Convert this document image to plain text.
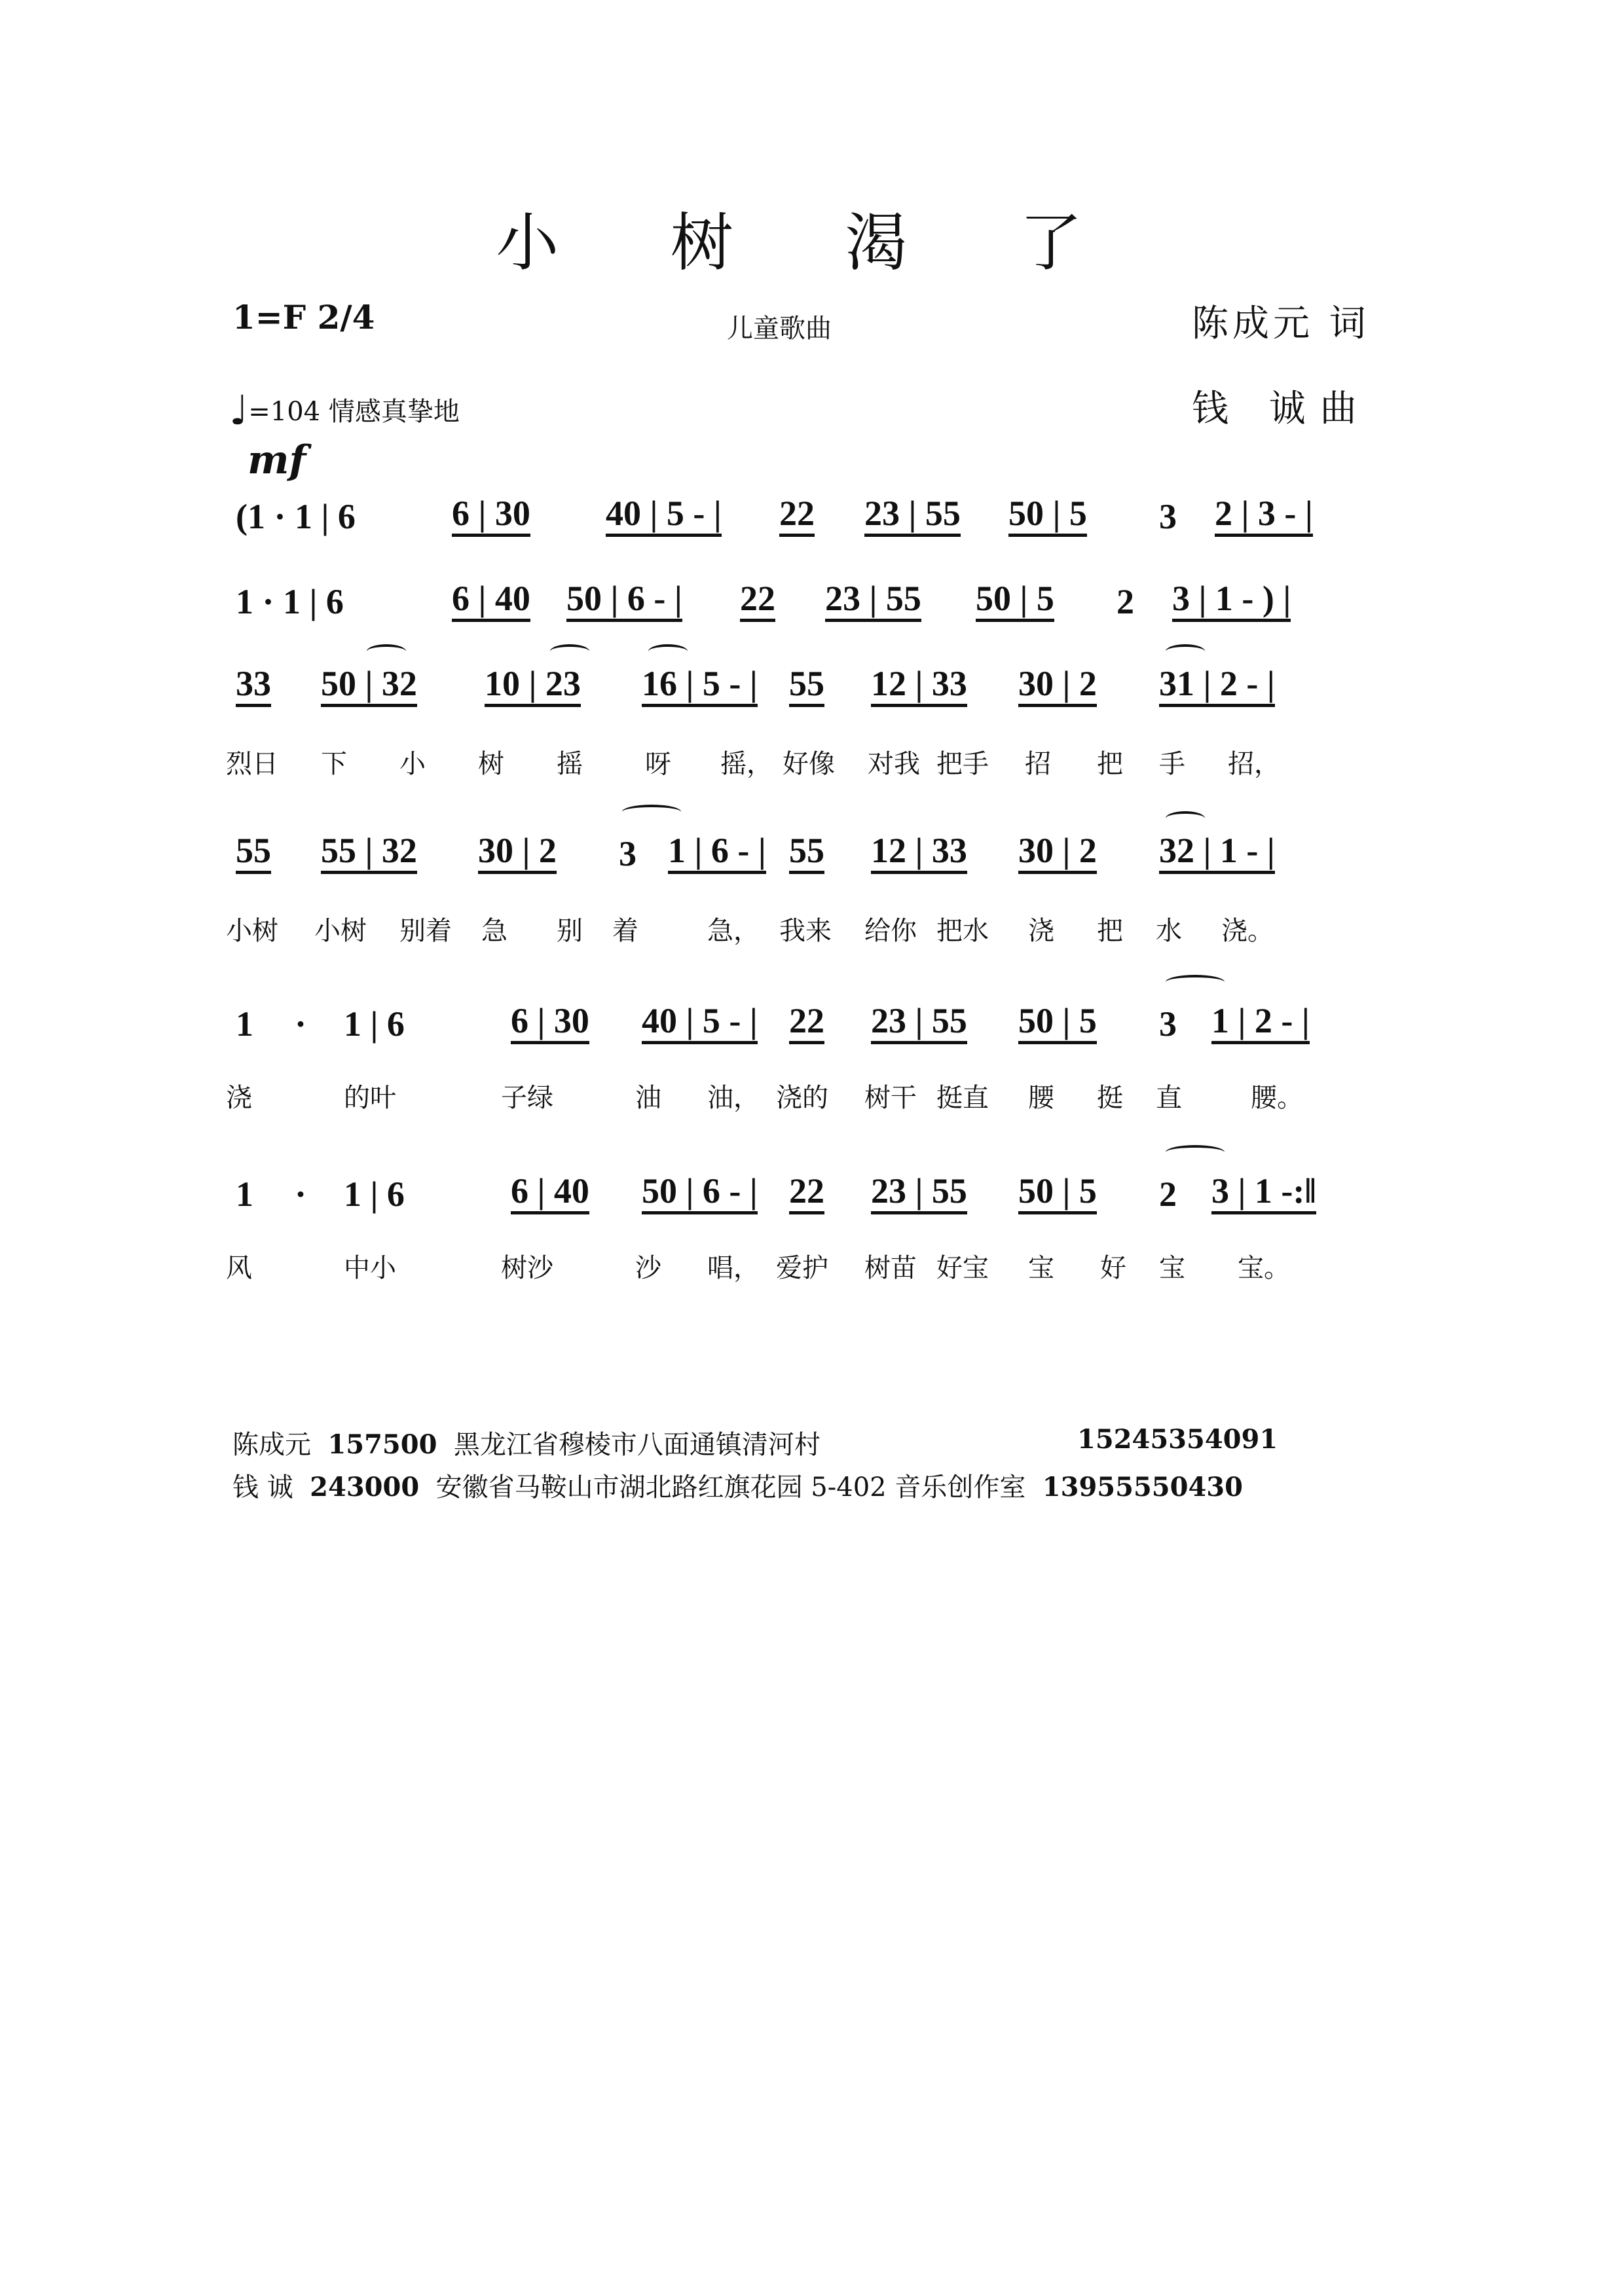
小 树 渴 了
1=F 2/4	儿童歌曲	陈成元 词
♩=104 情感真挚地	钱 诚曲
mf
(1 · 1 | 6	6 | 30 40 | 5 - | 22 23 | 55 50 | 5 3 2 | 3 - |
1 · 1 | 6	6 | 40 50 | 6 - | 22 23 | 55 50 | 5 2 3 | 1 - ) |
33 50 | 32 10 | 23 16 | 5 - | 55 12 | 33 30 | 2 31 | 2 - |
烈日 下 小 树 摇 呀 摇， 好像 对我 把手 招 把 手 招，
55 55 | 32 30 | 2 3 1 | 6 - | 55 12 | 33 30 | 2 32 | 1 - |
小树 小树 别着 急 别 着	急， 我来 给你 把水 浇 把 水 浇。
1 · 1 | 6	6 | 30 40 | 5 - | 22 23 | 55 50 | 5 3 1 | 2 - |
浇	的叶	子绿	油 油， 浇的 树干 挺直 腰 挺 直	腰。
1 · 1 | 6	6 | 40 50 | 6 - | 22 23 | 55 50 | 5 2 3 | 1 -:‖
风	中小	树沙	沙 唱， 爱护 树苗 好宝 宝 好 宝 宝。
陈成元 157500 黑龙江省穆棱市八面通镇清河村	15245354091
钱 诚 243000 安徽省马鞍山市湖北路红旗花园 5-402 音乐创作室 13955550430
